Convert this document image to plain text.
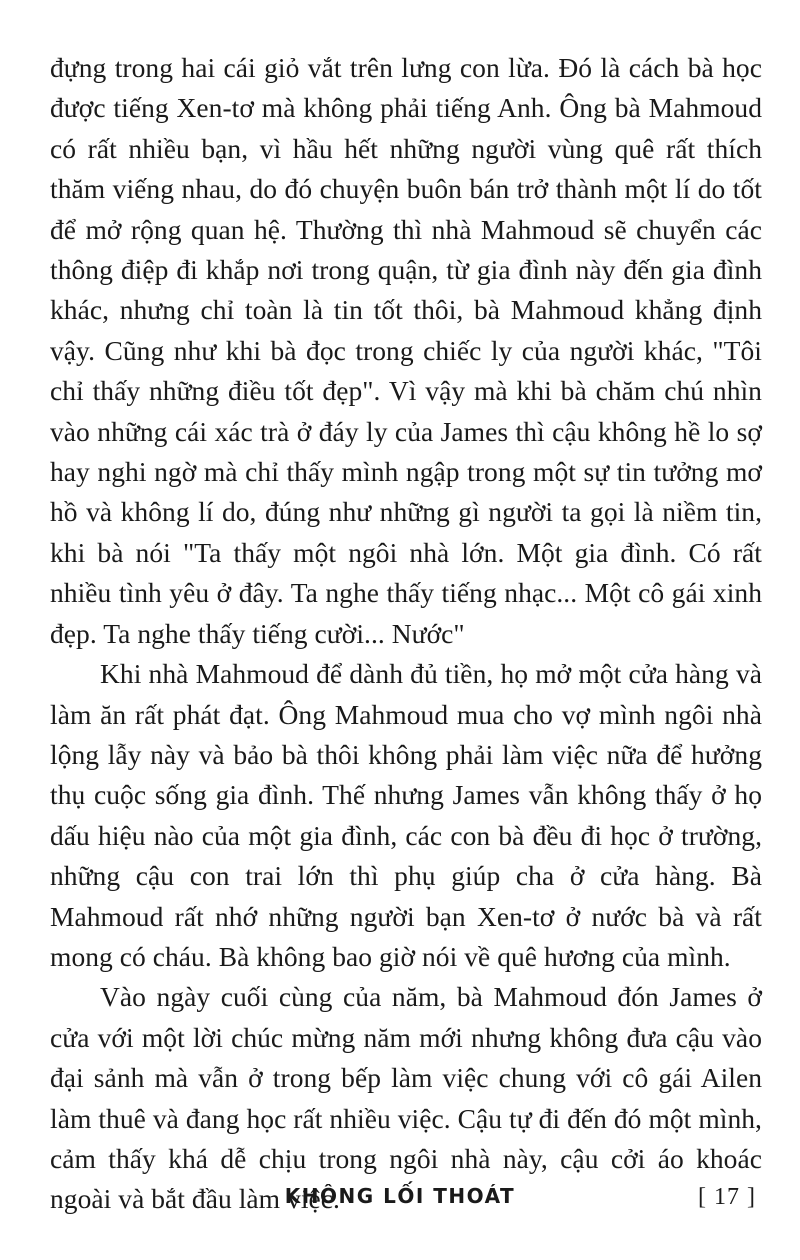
đựng trong hai cái giỏ vắt trên lưng con lừa. Đó là cách bà học được tiếng Xen-tơ mà không phải tiếng Anh. Ông bà Mahmoud có rất nhiều bạn, vì hầu hết những người vùng quê rất thích thăm viếng nhau, do đó chuyện buôn bán trở thành một lí do tốt để mở rộng quan hệ. Thường thì nhà Mahmoud sẽ chuyển các thông điệp đi khắp nơi trong quận, từ gia đình này đến gia đình khác, nhưng chỉ toàn là tin tốt thôi, bà Mahmoud khẳng định vậy. Cũng như khi bà đọc trong chiếc ly của người khác, "Tôi chỉ thấy những điều tốt đẹp". Vì vậy mà khi bà chăm chú nhìn vào những cái xác trà ở đáy ly của James thì cậu không hề lo sợ hay nghi ngờ mà chỉ thấy mình ngập trong một sự tin tưởng mơ hồ và không lí do, đúng như những gì người ta gọi là niềm tin, khi bà nói "Ta thấy một ngôi nhà lớn. Một gia đình. Có rất nhiều tình yêu ở đây. Ta nghe thấy tiếng nhạc... Một cô gái xinh đẹp. Ta nghe thấy tiếng cười... Nước"

Khi nhà Mahmoud để dành đủ tiền, họ mở một cửa hàng và làm ăn rất phát đạt. Ông Mahmoud mua cho vợ mình ngôi nhà lộng lẫy này và bảo bà thôi không phải làm việc nữa để hưởng thụ cuộc sống gia đình. Thế nhưng James vẫn không thấy ở họ dấu hiệu nào của một gia đình, các con bà đều đi học ở trường, những cậu con trai lớn thì phụ giúp cha ở cửa hàng. Bà Mahmoud rất nhớ những người bạn Xen-tơ ở nước bà và rất mong có cháu. Bà không bao giờ nói về quê hương của mình.

Vào ngày cuối cùng của năm, bà Mahmoud đón James ở cửa với một lời chúc mừng năm mới nhưng không đưa cậu vào đại sảnh mà vẫn ở trong bếp làm việc chung với cô gái Ailen làm thuê và đang học rất nhiều việc. Cậu tự đi đến đó một mình, cảm thấy khá dễ chịu trong ngôi nhà này, cậu cởi áo khoác ngoài và bắt đầu làm việc.

KHÔNG LỐI THOÁT	[ 17 ]
